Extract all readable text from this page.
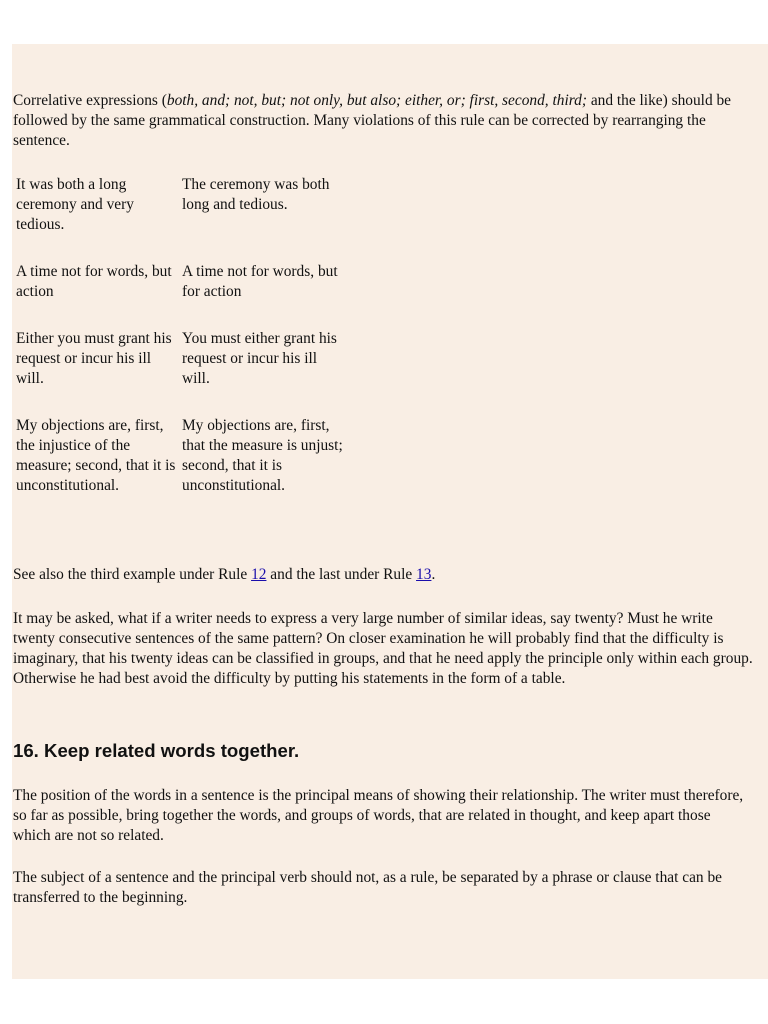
Correlative expressions (both, and; not, but; not only, but also; either, or; first, second, third; and the like) should be followed by the same grammatical construction. Many violations of this rule can be corrected by rearranging the sentence.

It was both a long ceremony and very tedious.	The ceremony was both long and tedious.

A time not for words, but action	A time not for words, but for action

Either you must grant his request or incur his ill will.	You must either grant his request or incur his ill will.

My objections are, first, the injustice of the measure; second, that it is unconstitutional.	My objections are, first, that the measure is unjust; second, that it is unconstitutional.

See also the third example under Rule 12 and the last under Rule 13.

It may be asked, what if a writer needs to express a very large number of similar ideas, say twenty? Must he write twenty consecutive sentences of the same pattern? On closer examination he will probably find that the difficulty is imaginary, that his twenty ideas can be classified in groups, and that he need apply the principle only within each group. Otherwise he had best avoid the difficulty by putting his statements in the form of a table.

16. Keep related words together.

The position of the words in a sentence is the principal means of showing their relationship. The writer must therefore, so far as possible, bring together the words, and groups of words, that are related in thought, and keep apart those which are not so related.

The subject of a sentence and the principal verb should not, as a rule, be separated by a phrase or clause that can be transferred to the beginning.
